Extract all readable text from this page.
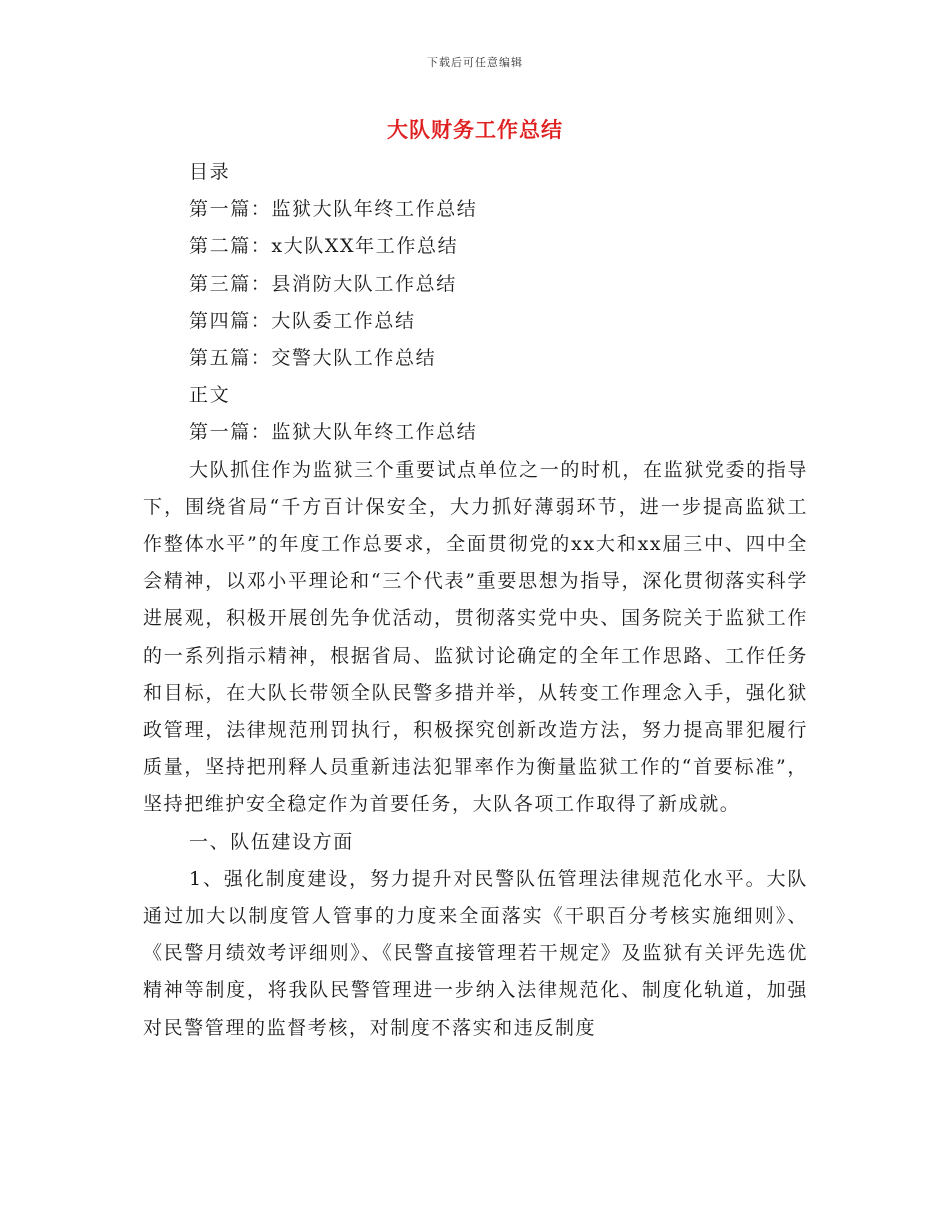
下载后可任意编辑
大队财务工作总结
目录
第一篇：监狱大队年终工作总结
第二篇：x大队XX年工作总结
第三篇：县消防大队工作总结
第四篇：大队委工作总结
第五篇：交警大队工作总结
正文
第一篇：监狱大队年终工作总结
大队抓住作为监狱三个重要试点单位之一的时机，在监狱党委的指导下，围绕省局“千方百计保安全，大力抓好薄弱环节，进一步提高监狱工作整体水平”的年度工作总要求，全面贯彻党的xx大和xx届三中、四中全会精神，以邓小平理论和“三个代表”重要思想为指导，深化贯彻落实科学进展观，积极开展创先争优活动，贯彻落实党中央、国务院关于监狱工作的一系列指示精神，根据省局、监狱讨论确定的全年工作思路、工作任务和目标，在大队长带领全队民警多措并举，从转变工作理念入手，强化狱政管理，法律规范刑罚执行，积极探究创新改造方法，努力提高罪犯履行质量，坚持把刑释人员重新违法犯罪率作为衡量监狱工作的“首要标准”，坚持把维护安全稳定作为首要任务，大队各项工作取得了新成就。
一、队伍建设方面
1、强化制度建设，努力提升对民警队伍管理法律规范化水平。大队通过加大以制度管人管事的力度来全面落实《干职百分考核实施细则》、《民警月绩效考评细则》、《民警直接管理若干规定》及监狱有关评先选优精神等制度，将我队民警管理进一步纳入法律规范化、制度化轨道，加强对民警管理的监督考核，对制度不落实和违反制度
